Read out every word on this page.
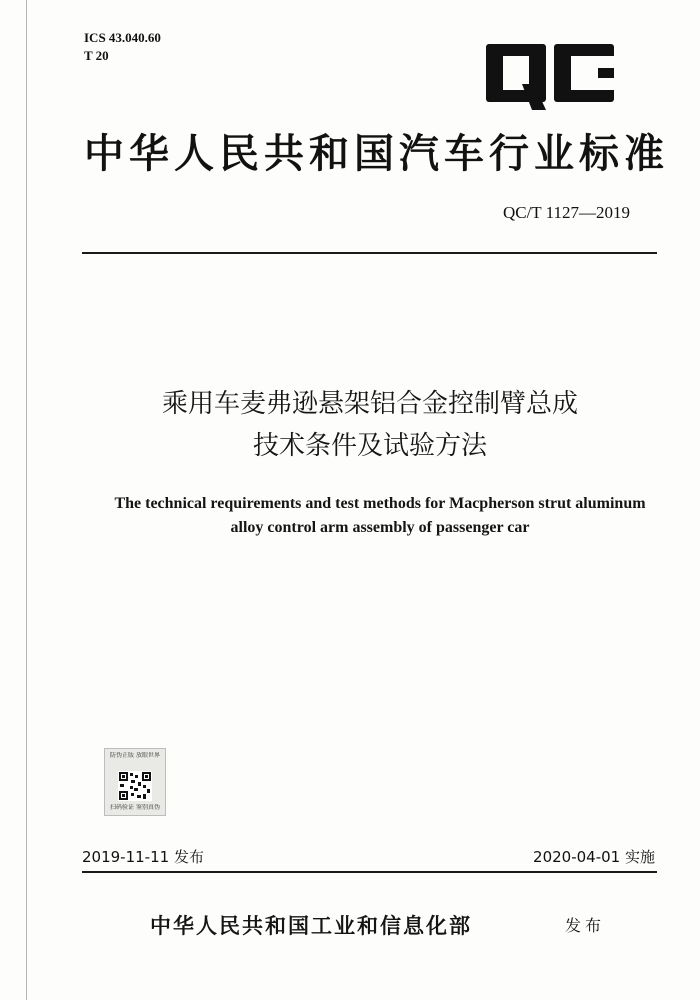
ICS 43.040.60
T 20
中华人民共和国汽车行业标准
QC/T 1127—2019
乘用车麦弗逊悬架铝合金控制臂总成
技术条件及试验方法
The technical requirements and test methods for Macpherson strut aluminum
alloy control arm assembly of passenger car
防伪正版 放眼世界
扫码验证 鉴别真伪
2019-11-11 发布	2020-04-01 实施
中华人民共和国工业和信息化部	发布
